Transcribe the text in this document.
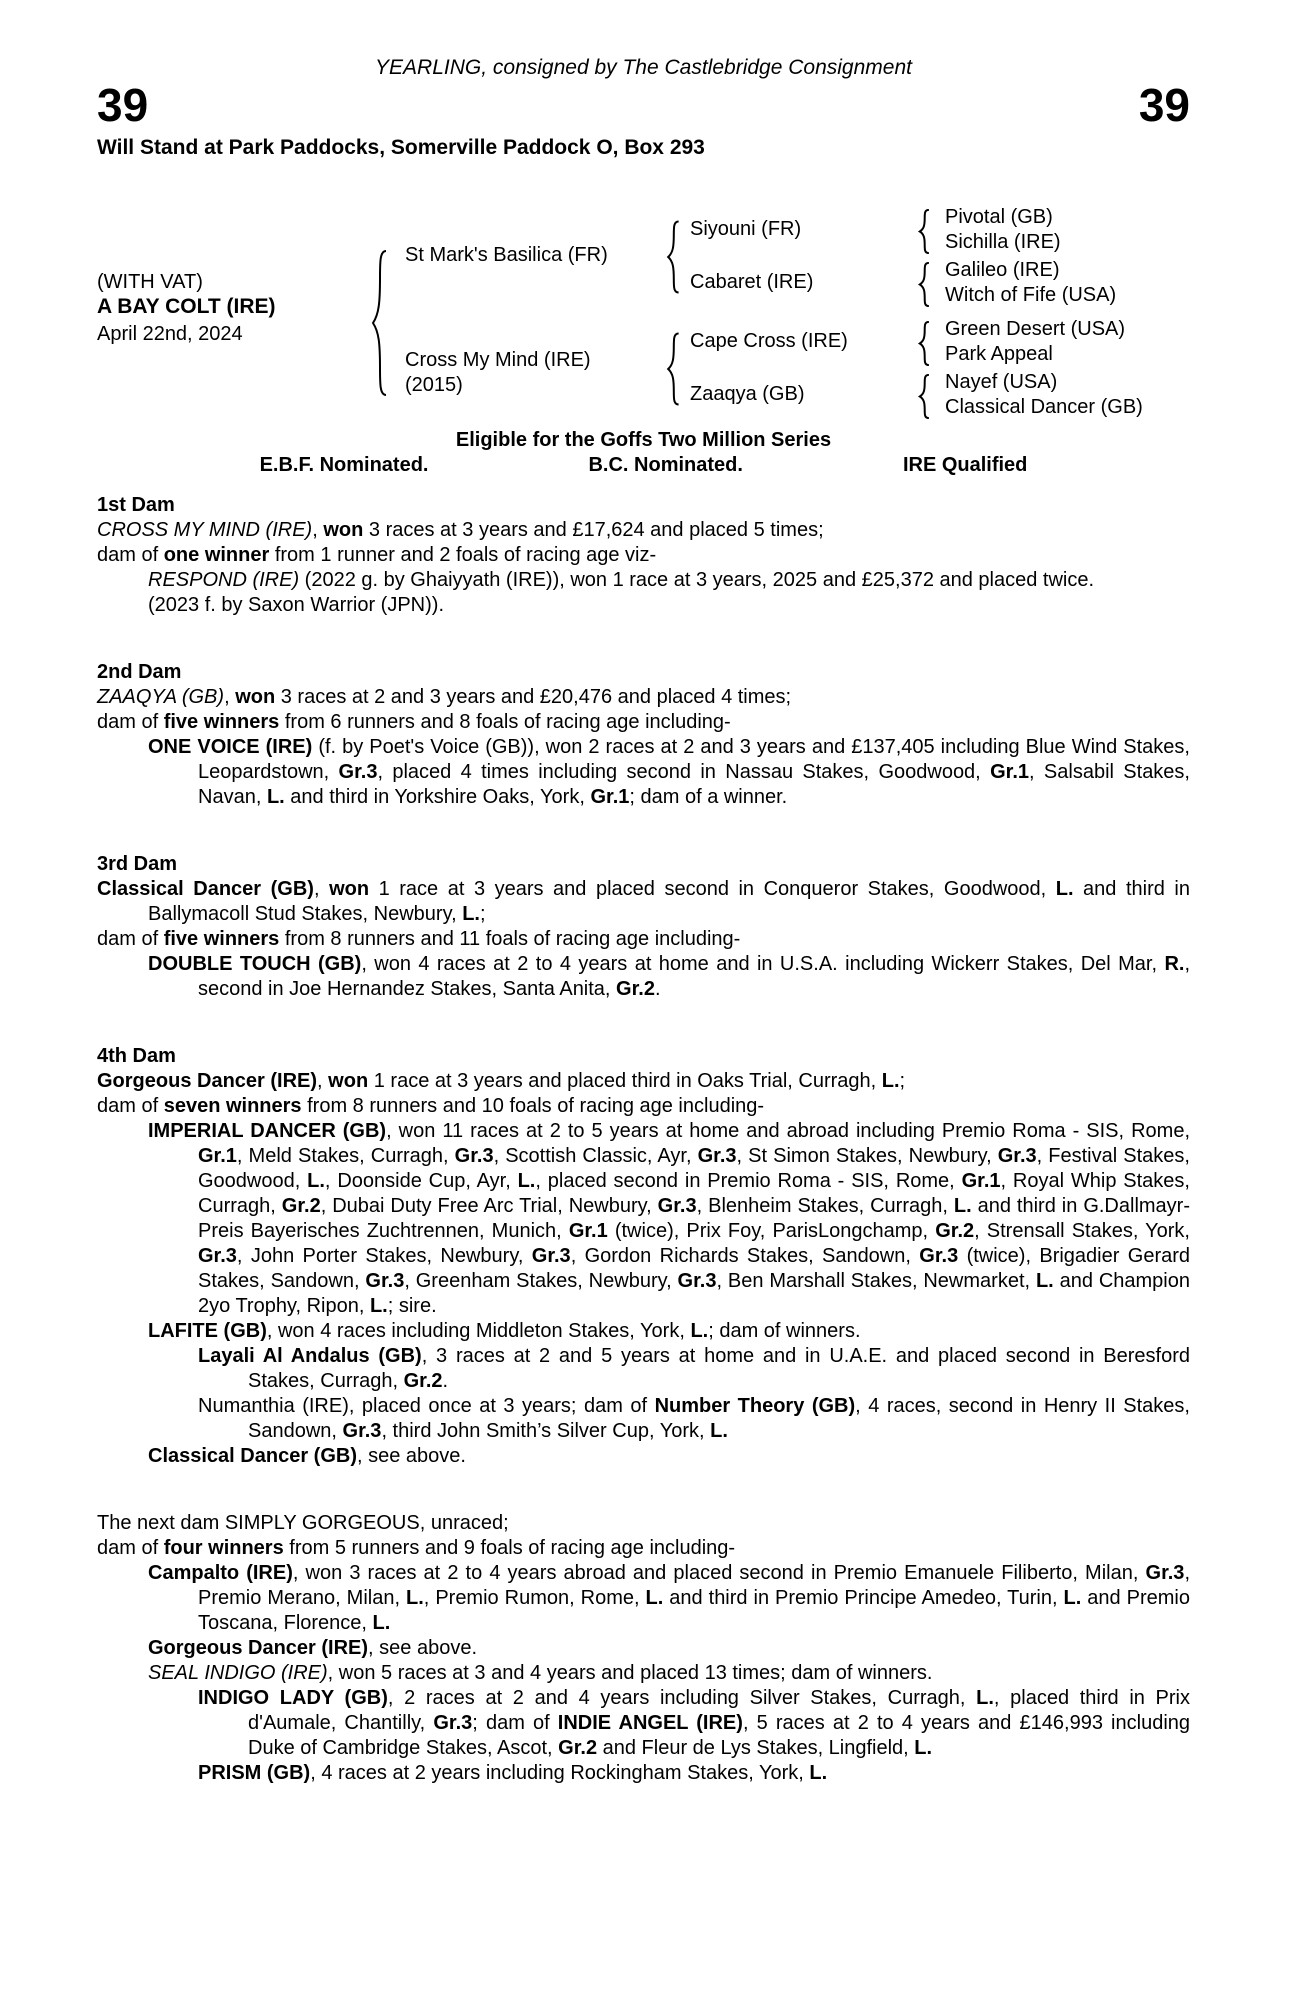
YEARLING, consigned by The Castlebridge Consignment
39	39
Will Stand at Park Paddocks, Somerville Paddock O, Box 293
(WITH VAT)
A BAY COLT (IRE)
April 22nd, 2024
St Mark's Basilica (FR)
Cross My Mind (IRE)
(2015)
Siyouni (FR)
Cabaret (IRE)
Cape Cross (IRE)
Zaaqya (GB)
Pivotal (GB)
Sichilla (IRE)
Galileo (IRE)
Witch of Fife (USA)
Green Desert (USA)
Park Appeal
Nayef (USA)
Classical Dancer (GB)
Eligible for the Goffs Two Million Series
E.B.F. Nominated.	B.C. Nominated.	IRE Qualified
1st Dam
CROSS MY MIND (IRE), won 3 races at 3 years and £17,624 and placed 5 times;
dam of one winner from 1 runner and 2 foals of racing age viz-
RESPOND (IRE) (2022 g. by Ghaiyyath (IRE)), won 1 race at 3 years, 2025 and £25,372 and placed twice.
(2023 f. by Saxon Warrior (JPN)).
2nd Dam
ZAAQYA (GB), won 3 races at 2 and 3 years and £20,476 and placed 4 times;
dam of five winners from 6 runners and 8 foals of racing age including-
ONE VOICE (IRE) (f. by Poet's Voice (GB)), won 2 races at 2 and 3 years and £137,405 including Blue Wind Stakes, Leopardstown, Gr.3, placed 4 times including second in Nassau Stakes, Goodwood, Gr.1, Salsabil Stakes, Navan, L. and third in Yorkshire Oaks, York, Gr.1; dam of a winner.
3rd Dam
Classical Dancer (GB), won 1 race at 3 years and placed second in Conqueror Stakes, Goodwood, L. and third in Ballymacoll Stud Stakes, Newbury, L.;
dam of five winners from 8 runners and 11 foals of racing age including-
DOUBLE TOUCH (GB), won 4 races at 2 to 4 years at home and in U.S.A. including Wickerr Stakes, Del Mar, R., second in Joe Hernandez Stakes, Santa Anita, Gr.2.
4th Dam
Gorgeous Dancer (IRE), won 1 race at 3 years and placed third in Oaks Trial, Curragh, L.;
dam of seven winners from 8 runners and 10 foals of racing age including-
IMPERIAL DANCER (GB), won 11 races at 2 to 5 years at home and abroad including Premio Roma - SIS, Rome, Gr.1, Meld Stakes, Curragh, Gr.3, Scottish Classic, Ayr, Gr.3, St Simon Stakes, Newbury, Gr.3, Festival Stakes, Goodwood, L., Doonside Cup, Ayr, L., placed second in Premio Roma - SIS, Rome, Gr.1, Royal Whip Stakes, Curragh, Gr.2, Dubai Duty Free Arc Trial, Newbury, Gr.3, Blenheim Stakes, Curragh, L. and third in G.Dallmayr-Preis Bayerisches Zuchtrennen, Munich, Gr.1 (twice), Prix Foy, ParisLongchamp, Gr.2, Strensall Stakes, York, Gr.3, John Porter Stakes, Newbury, Gr.3, Gordon Richards Stakes, Sandown, Gr.3 (twice), Brigadier Gerard Stakes, Sandown, Gr.3, Greenham Stakes, Newbury, Gr.3, Ben Marshall Stakes, Newmarket, L. and Champion 2yo Trophy, Ripon, L.; sire.
LAFITE (GB), won 4 races including Middleton Stakes, York, L.; dam of winners.
Layali Al Andalus (GB), 3 races at 2 and 5 years at home and in U.A.E. and placed second in Beresford Stakes, Curragh, Gr.2.
Numanthia (IRE), placed once at 3 years; dam of Number Theory (GB), 4 races, second in Henry II Stakes, Sandown, Gr.3, third John Smith’s Silver Cup, York, L.
Classical Dancer (GB), see above.
The next dam SIMPLY GORGEOUS, unraced;
dam of four winners from 5 runners and 9 foals of racing age including-
Campalto (IRE), won 3 races at 2 to 4 years abroad and placed second in Premio Emanuele Filiberto, Milan, Gr.3, Premio Merano, Milan, L., Premio Rumon, Rome, L. and third in Premio Principe Amedeo, Turin, L. and Premio Toscana, Florence, L.
Gorgeous Dancer (IRE), see above.
SEAL INDIGO (IRE), won 5 races at 3 and 4 years and placed 13 times; dam of winners.
INDIGO LADY (GB), 2 races at 2 and 4 years including Silver Stakes, Curragh, L., placed third in Prix d'Aumale, Chantilly, Gr.3; dam of INDIE ANGEL (IRE), 5 races at 2 to 4 years and £146,993 including Duke of Cambridge Stakes, Ascot, Gr.2 and Fleur de Lys Stakes, Lingfield, L.
PRISM (GB), 4 races at 2 years including Rockingham Stakes, York, L.
